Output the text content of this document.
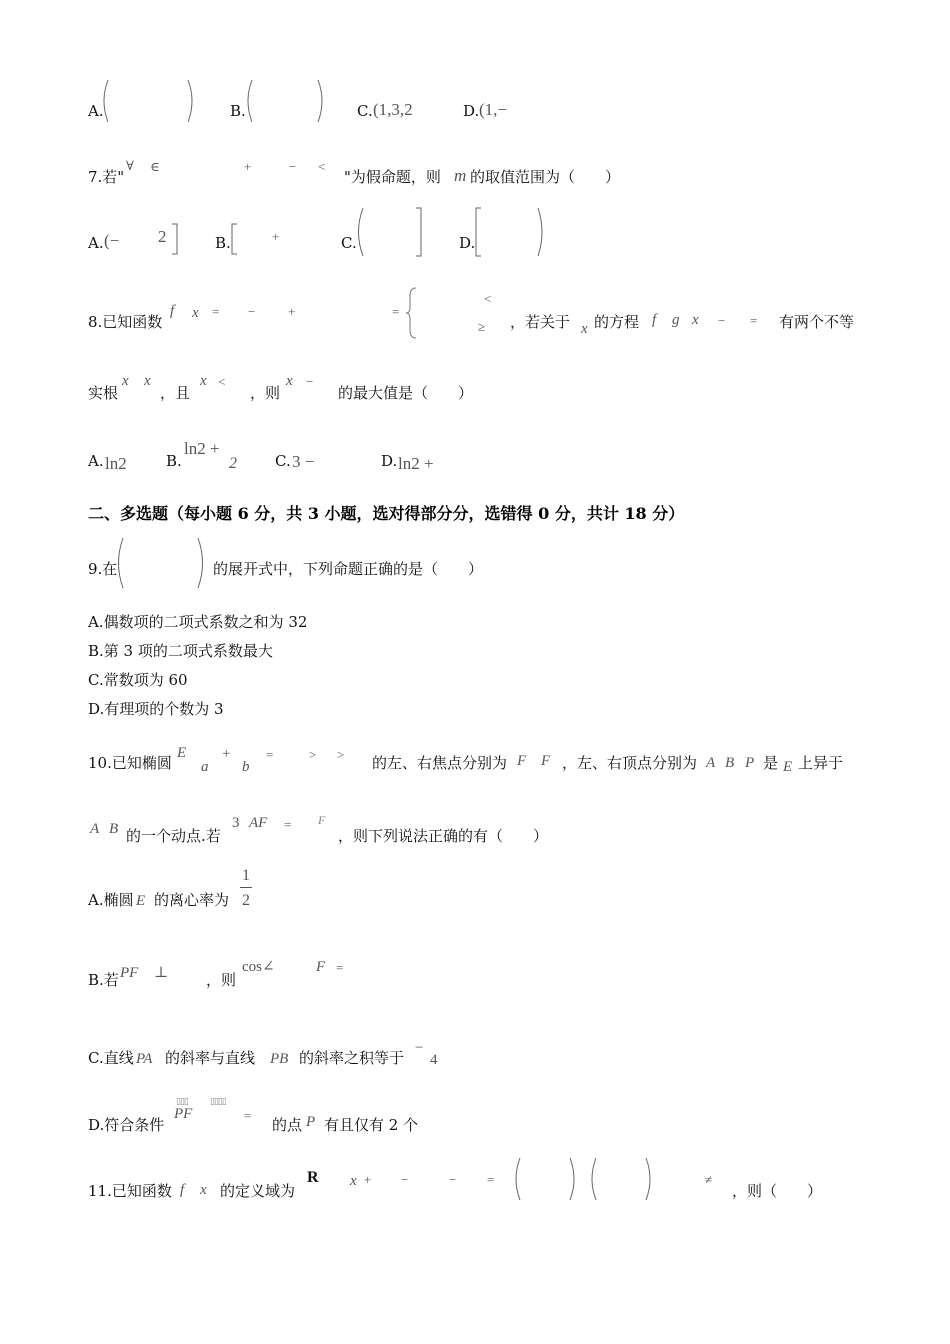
A.	B.	C. (1,3,2	D. (1,−
7.若"
∀ ∈	+	− <
"为假命题，则 m 的取值范围为（　　）
A. (− 2	B.	+	C.	D.
8.已知函数
f x = −	+	=
<
≥ ，若关于 x 的方程 f g x − = 有两个不等
实根
x x
，且
x <
，则
x −
的最大值是（　　）
A. ln2	B.
ln2 +
2	C. 3 −	D. ln2 +
二、多选题（每小题 6 分，共 3 小题，选对得部分分，选错得 0 分，共计 18 分）
9.在	的展开式中，下列命题正确的是（　　）
A.偶数项的二项式系数之和为 32
B.第 3 项的二项式系数最大
C.常数项为 60
D.有理项的个数为 3
10.已知椭圆
E
a
+
b
=	> > 的左、右焦点分别为 F F ，左、右顶点分别为 A B P 是 E 上异于
A B 的一个动点.若
3 AF = F
，则下列说法正确的有（　　）
A.椭圆 E 的离心率为
1
2
B.若 PF ⊥	，则
cos∠	F =
C.直线 PA 的斜率与直线 PB 的斜率之积等于
−
4
D.符合条件
▯▯▯ ▯▯▯▯
PF	=
的点 P 有且仅有 2 个
11.已知函数 f x 的定义域为
R x + −	− =	≠
，则（　　）
